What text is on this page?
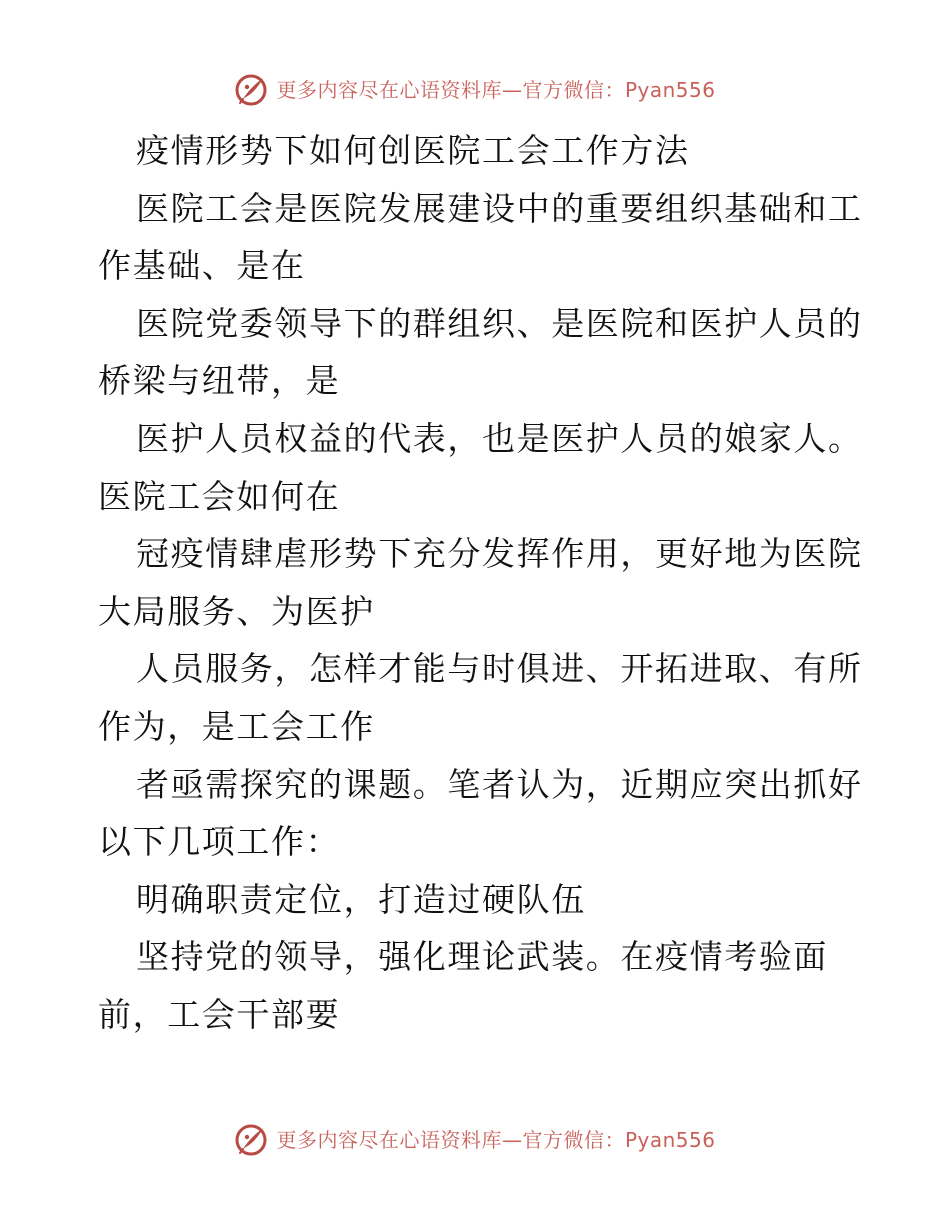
更多内容尽在心语资料库—官方微信：Pyan556
疫情形势下如何创医院工会工作方法
医院工会是医院发展建设中的重要组织基础和工
作基础、是在
医院党委领导下的群组织、是医院和医护人员的
桥梁与纽带，是
医护人员权益的代表，也是医护人员的娘家人。
医院工会如何在
冠疫情肆虐形势下充分发挥作用，更好地为医院
大局服务、为医护
人员服务，怎样才能与时俱进、开拓进取、有所
作为，是工会工作
者亟需探究的课题。笔者认为，近期应突出抓好
以下几项工作：
明确职责定位，打造过硬队伍
坚持党的领导，强化理论武装。在疫情考验面
前，工会干部要
更多内容尽在心语资料库—官方微信：Pyan556
